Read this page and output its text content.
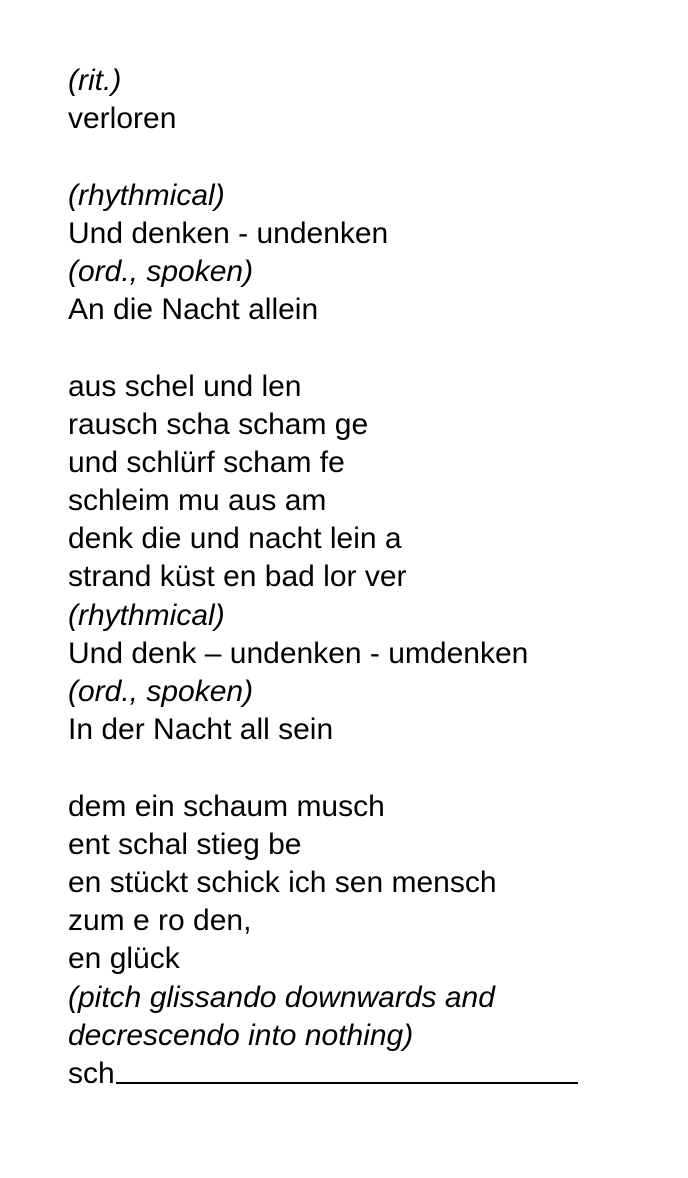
(rit.)
verloren
(rhythmical)
Und denken - undenken
(ord., spoken)
An die Nacht allein
aus schel und len
rausch scha scham ge
und schlürf scham fe
schleim mu aus am
denk die und nacht lein a
strand küst en bad lor ver
(rhythmical)
Und denk – undenken - umdenken
(ord., spoken)
In der Nacht all sein
dem ein schaum musch
ent schal stieg be
en stückt schick ich sen mensch
zum e ro den,
en glück
(pitch glissando downwards and
decrescendo into nothing)
sch
